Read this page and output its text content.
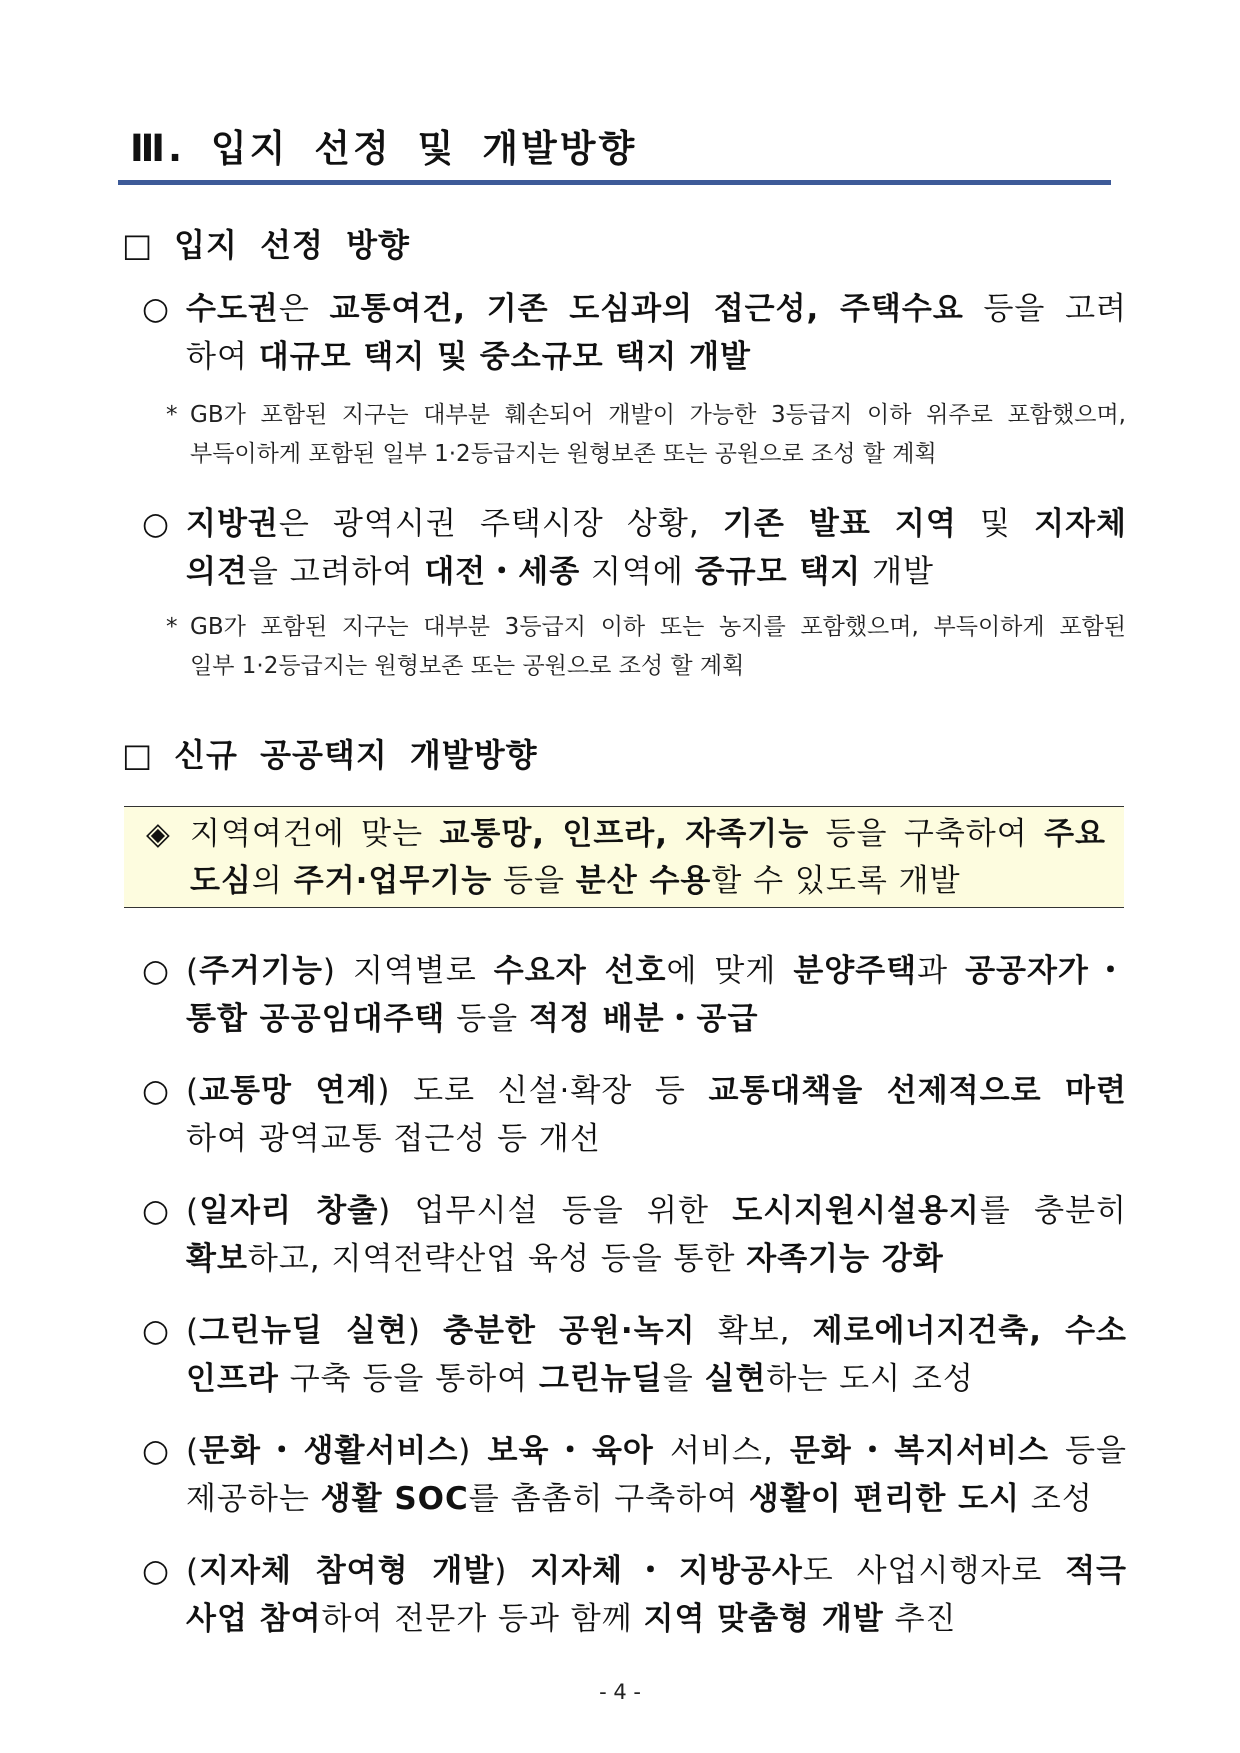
Ⅲ. 입지 선정 및 개발방향
□ 입지 선정 방향
○ 수도권은 교통여건, 기존 도심과의 접근성, 주택수요 등을 고려
하여 대규모 택지 및 중소규모 택지 개발
* GB가 포함된 지구는 대부분 훼손되어 개발이 가능한 3등급지 이하 위주로 포함했으며,
부득이하게 포함된 일부 1·2등급지는 원형보존 또는 공원으로 조성 할 계획
○ 지방권은 광역시권 주택시장 상황, 기존 발표 지역 및 지자체
의견을 고려하여 대전・세종 지역에 중규모 택지 개발
* GB가 포함된 지구는 대부분 3등급지 이하 또는 농지를 포함했으며, 부득이하게 포함된
일부 1·2등급지는 원형보존 또는 공원으로 조성 할 계획
□ 신규 공공택지 개발방향
◈ 지역여건에 맞는 교통망, 인프라, 자족기능 등을 구축하여 주요
도심의 주거·업무기능 등을 분산 수용할 수 있도록 개발
○ (주거기능) 지역별로 수요자 선호에 맞게 분양주택과 공공자가・
통합 공공임대주택 등을 적정 배분・공급
○ (교통망 연계) 도로 신설·확장 등 교통대책을 선제적으로 마련
하여 광역교통 접근성 등 개선
○ (일자리 창출) 업무시설 등을 위한 도시지원시설용지를 충분히
확보하고, 지역전략산업 육성 등을 통한 자족기능 강화
○ (그린뉴딜 실현) 충분한 공원·녹지 확보, 제로에너지건축, 수소
인프라 구축 등을 통하여 그린뉴딜을 실현하는 도시 조성
○ (문화・생활서비스) 보육・육아 서비스, 문화・복지서비스 등을
제공하는 생활 SOC를 촘촘히 구축하여 생활이 편리한 도시 조성
○ (지자체 참여형 개발) 지자체・지방공사도 사업시행자로 적극
사업 참여하여 전문가 등과 함께 지역 맞춤형 개발 추진
- 4 -
